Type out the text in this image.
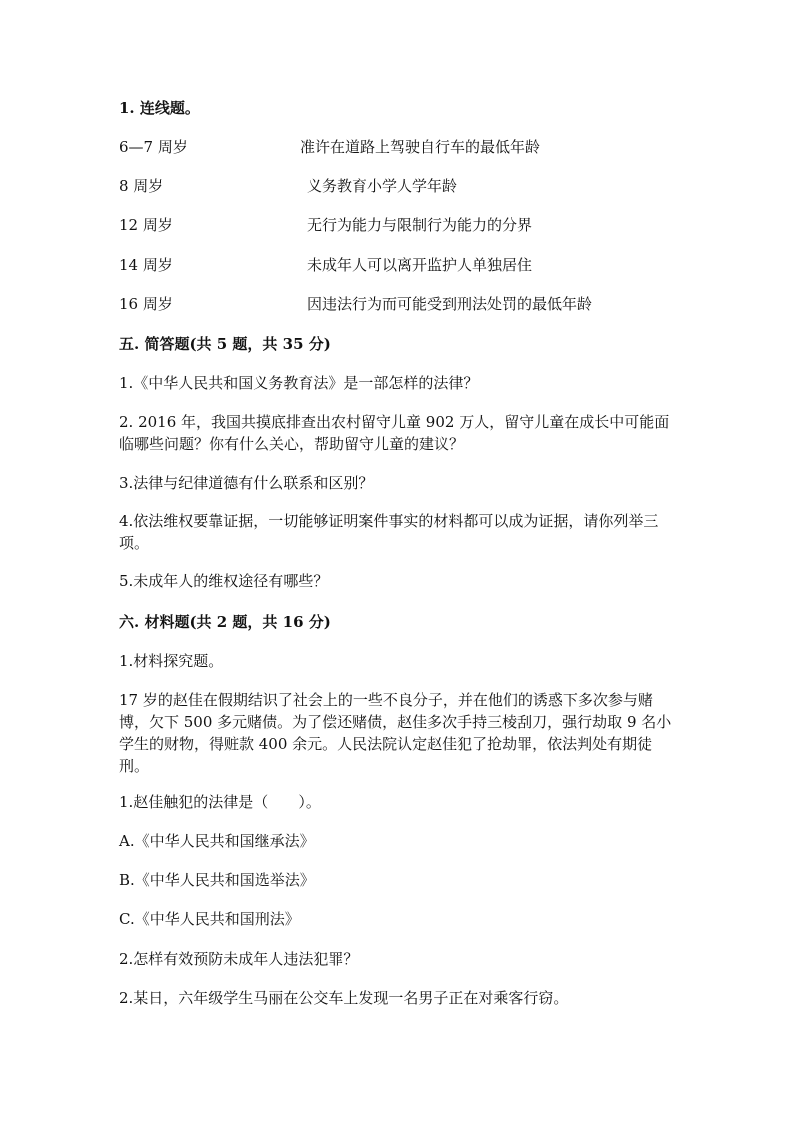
1. 连线题。
6—7 周岁	准许在道路上驾驶自行车的最低年龄
8 周岁	义务教育小学人学年龄
12 周岁	无行为能力与限制行为能力的分界
14 周岁	未成年人可以离开监护人单独居住
16 周岁	因违法行为而可能受到刑法处罚的最低年龄
五. 简答题(共 5 题，共 35 分)
1.《中华人民共和国义务教育法》是一部怎样的法律？
2. 2016 年，我国共摸底排查出农村留守儿童 902 万人，留守儿童在成长中可能面临哪些问题？你有什么关心，帮助留守儿童的建议？
3.法律与纪律道德有什么联系和区别？
4.依法维权要靠证据，一切能够证明案件事实的材料都可以成为证据，请你列举三项。
5.未成年人的维权途径有哪些？
六. 材料题(共 2 题，共 16 分)
1.材料探究题。
17 岁的赵佳在假期结识了社会上的一些不良分子，并在他们的诱惑下多次参与赌博，欠下 500 多元赌债。为了偿还赌债，赵佳多次手持三棱刮刀，强行劫取 9 名小学生的财物，得赃款 400 余元。人民法院认定赵佳犯了抢劫罪，依法判处有期徒刑。
1.赵佳触犯的法律是（　　）。
A.《中华人民共和国继承法》
B.《中华人民共和国选举法》
C.《中华人民共和国刑法》
2.怎样有效预防未成年人违法犯罪？
2.某日，六年级学生马丽在公交车上发现一名男子正在对乘客行窃。
